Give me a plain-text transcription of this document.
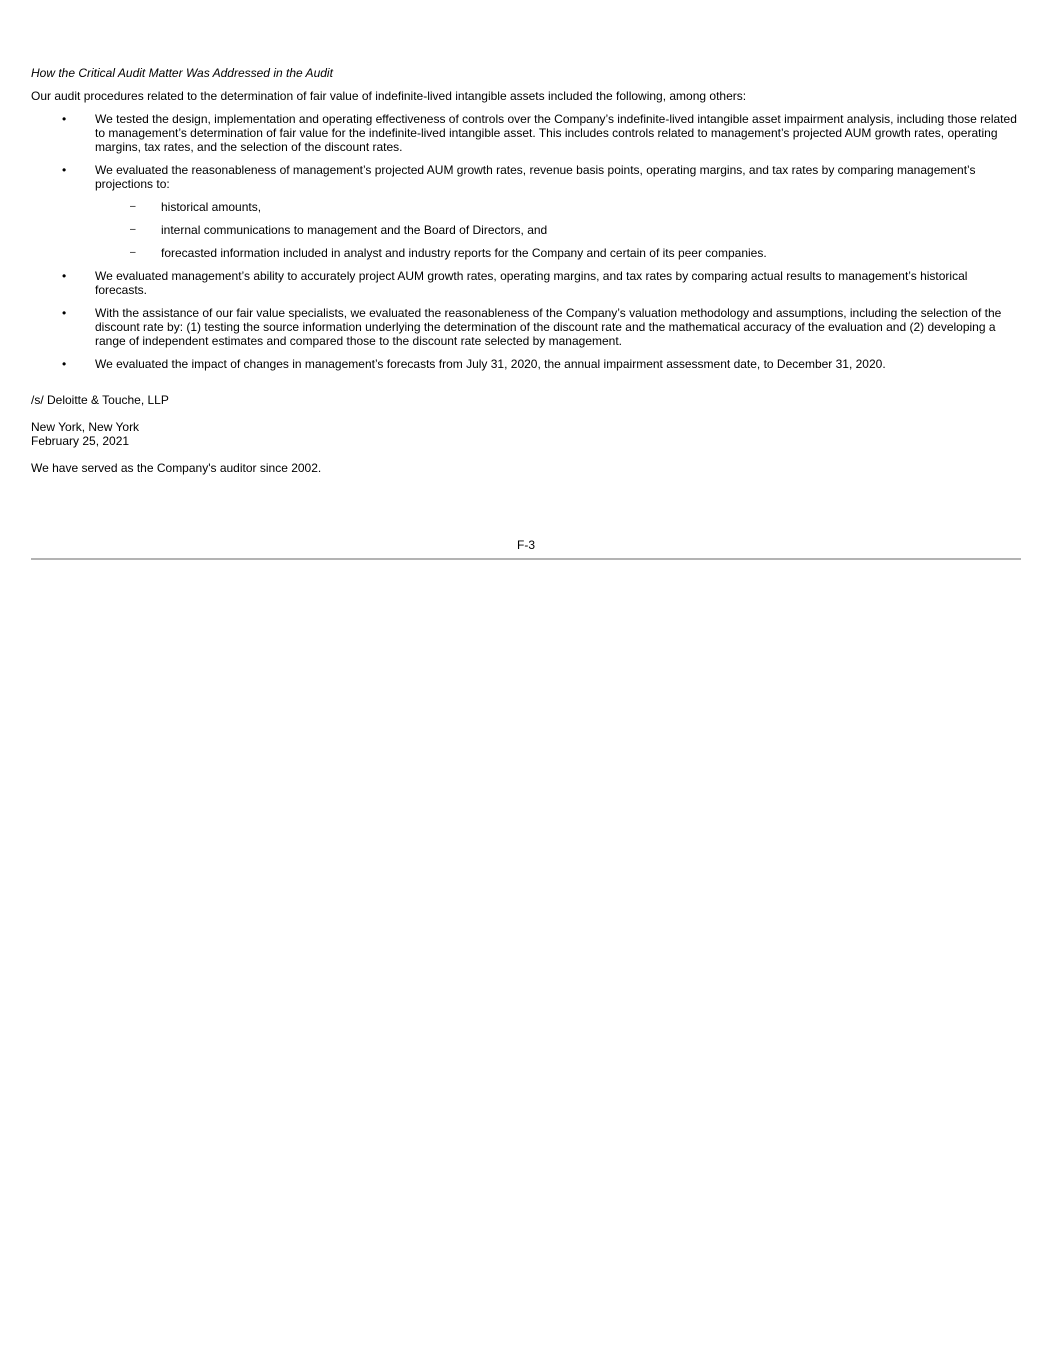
How the Critical Audit Matter Was Addressed in the Audit

Our audit procedures related to the determination of fair value of indefinite-lived intangible assets included the following, among others:

• We tested the design, implementation and operating effectiveness of controls over the Company’s indefinite-lived intangible asset impairment analysis, including those related to management’s determination of fair value for the indefinite-lived intangible asset. This includes controls related to management’s projected AUM growth rates, operating margins, tax rates, and the selection of the discount rates.
• We evaluated the reasonableness of management’s projected AUM growth rates, revenue basis points, operating margins, and tax rates by comparing management’s projections to:
– historical amounts,
– internal communications to management and the Board of Directors, and
– forecasted information included in analyst and industry reports for the Company and certain of its peer companies.
• We evaluated management’s ability to accurately project AUM growth rates, operating margins, and tax rates by comparing actual results to management’s historical forecasts.
• With the assistance of our fair value specialists, we evaluated the reasonableness of the Company’s valuation methodology and assumptions, including the selection of the discount rate by: (1) testing the source information underlying the determination of the discount rate and the mathematical accuracy of the evaluation and (2) developing a range of independent estimates and compared those to the discount rate selected by management.
• We evaluated the impact of changes in management’s forecasts from July 31, 2020, the annual impairment assessment date, to December 31, 2020.

/s/ Deloitte & Touche, LLP

New York, New York
February 25, 2021

We have served as the Company's auditor since 2002.

F-3
